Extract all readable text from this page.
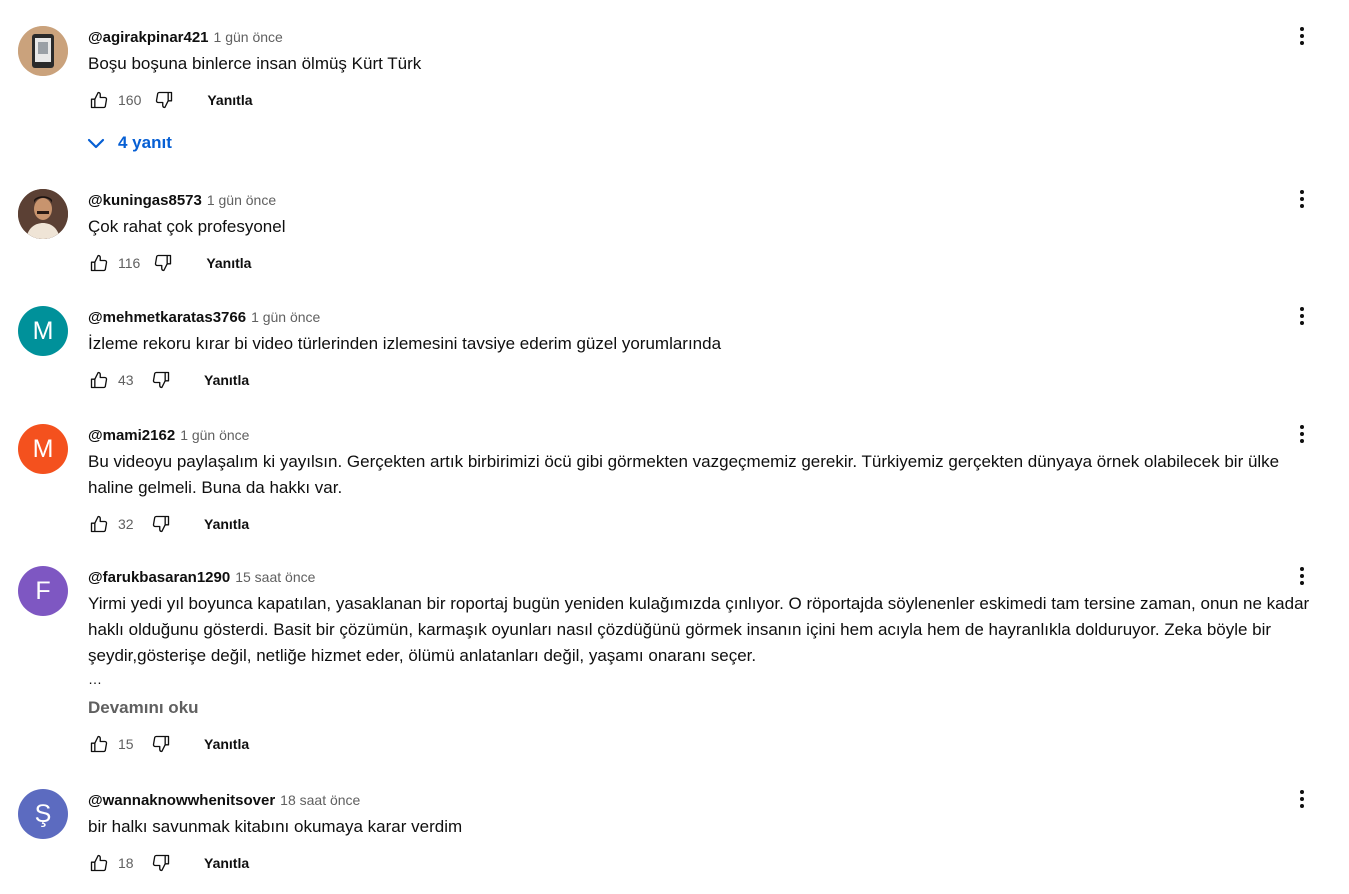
@agirakpinar421 1 gün önce
Boşu boşuna binlerce insan ölmüş Kürt Türk
160	Yanıtla
4 yanıt
@kuningas8573 1 gün önce
Çok rahat çok profesyonel
116	Yanıtla
M @mehmetkaratas3766 1 gün önce
İzleme rekoru kırar bi video türlerinden izlemesini tavsiye ederim güzel yorumlarında
43	Yanıtla
M @mami2162 1 gün önce
Bu videoyu paylaşalım ki yayılsın. Gerçekten artık birbirimizi öcü gibi görmekten vazgeçmemiz gerekir. Türkiyemiz gerçekten dünyaya örnek olabilecek bir ülke haline gelmeli. Buna da hakkı var.
32	Yanıtla
F @farukbasaran1290 15 saat önce
Yirmi yedi yıl boyunca kapatılan, yasaklanan bir roportaj bugün yeniden kulağımızda çınlıyor. O röportajda söylenenler eskimedi tam tersine zaman, onun ne kadar haklı olduğunu gösterdi. Basit bir çözümün, karmaşık oyunları nasıl çözdüğünü görmek insanın içini hem acıyla hem de hayranlıkla dolduruyor. Zeka böyle bir şeydir,gösterişe değil, netliğe hizmet eder, ölümü anlatanları değil, yaşamı onaranı seçer.
…
Devamını oku
15	Yanıtla
Ş @wannaknowwhenitsover 18 saat önce
bir halkı savunmak kitabını okumaya karar verdim
18	Yanıtla
